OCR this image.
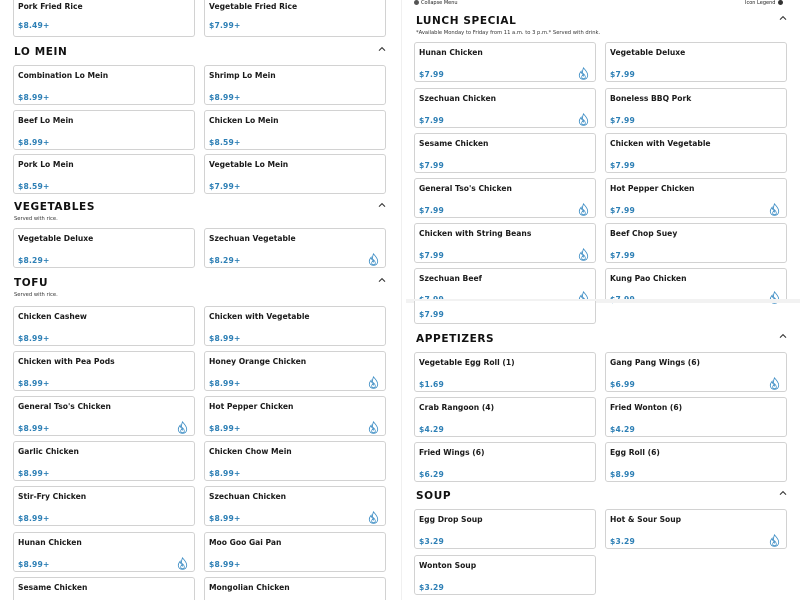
Pork Fried Rice
$8.49+
Vegetable Fried Rice
$7.99+
LO MEIN
Combination Lo Mein
$8.99+
Shrimp Lo Mein
$8.99+
Beef Lo Mein
$8.99+
Chicken Lo Mein
$8.59+
Pork Lo Mein
$8.59+
Vegetable Lo Mein
$7.99+
VEGETABLES
Served with rice.
Vegetable Deluxe
$8.29+
Szechuan Vegetable
$8.29+
TOFU
Served with rice.
Chicken Cashew
$8.99+
Chicken with Vegetable
$8.99+
Chicken with Pea Pods
$8.99+
Honey Orange Chicken
$8.99+
General Tso's Chicken
$8.99+
Hot Pepper Chicken
$8.99+
Garlic Chicken
$8.99+
Chicken Chow Mein
$8.99+
Stir-Fry Chicken
$8.99+
Szechuan Chicken
$8.99+
Hunan Chicken
$8.99+
Moo Goo Gai Pan
$8.99+
Sesame Chicken	Mongolian Chicken
Collapse Menu	Icon Legend
LUNCH SPECIAL
*Available Monday to Friday from 11 a.m. to 3 p.m.* Served with drink.
Hunan Chicken
$7.99
Vegetable Deluxe
$7.99
Szechuan Chicken
$7.99
Boneless BBQ Pork
$7.99
Sesame Chicken
$7.99
Chicken with Vegetable
$7.99
General Tso's Chicken
$7.99
Hot Pepper Chicken
$7.99
Chicken with String Beans
$7.99
Beef Chop Suey
$7.99
Szechuan Beef	Kung Pao Chicken
$7.99
APPETIZERS
Vegetable Egg Roll (1)
$1.69
Gang Pang Wings (6)
$6.99
Crab Rangoon (4)
$4.29
Fried Wonton (6)
$4.29
Fried Wings (6)
$6.29
Egg Roll (6)
$8.99
SOUP
Egg Drop Soup
$3.29
Hot & Sour Soup
$3.29
Wonton Soup
$3.29
